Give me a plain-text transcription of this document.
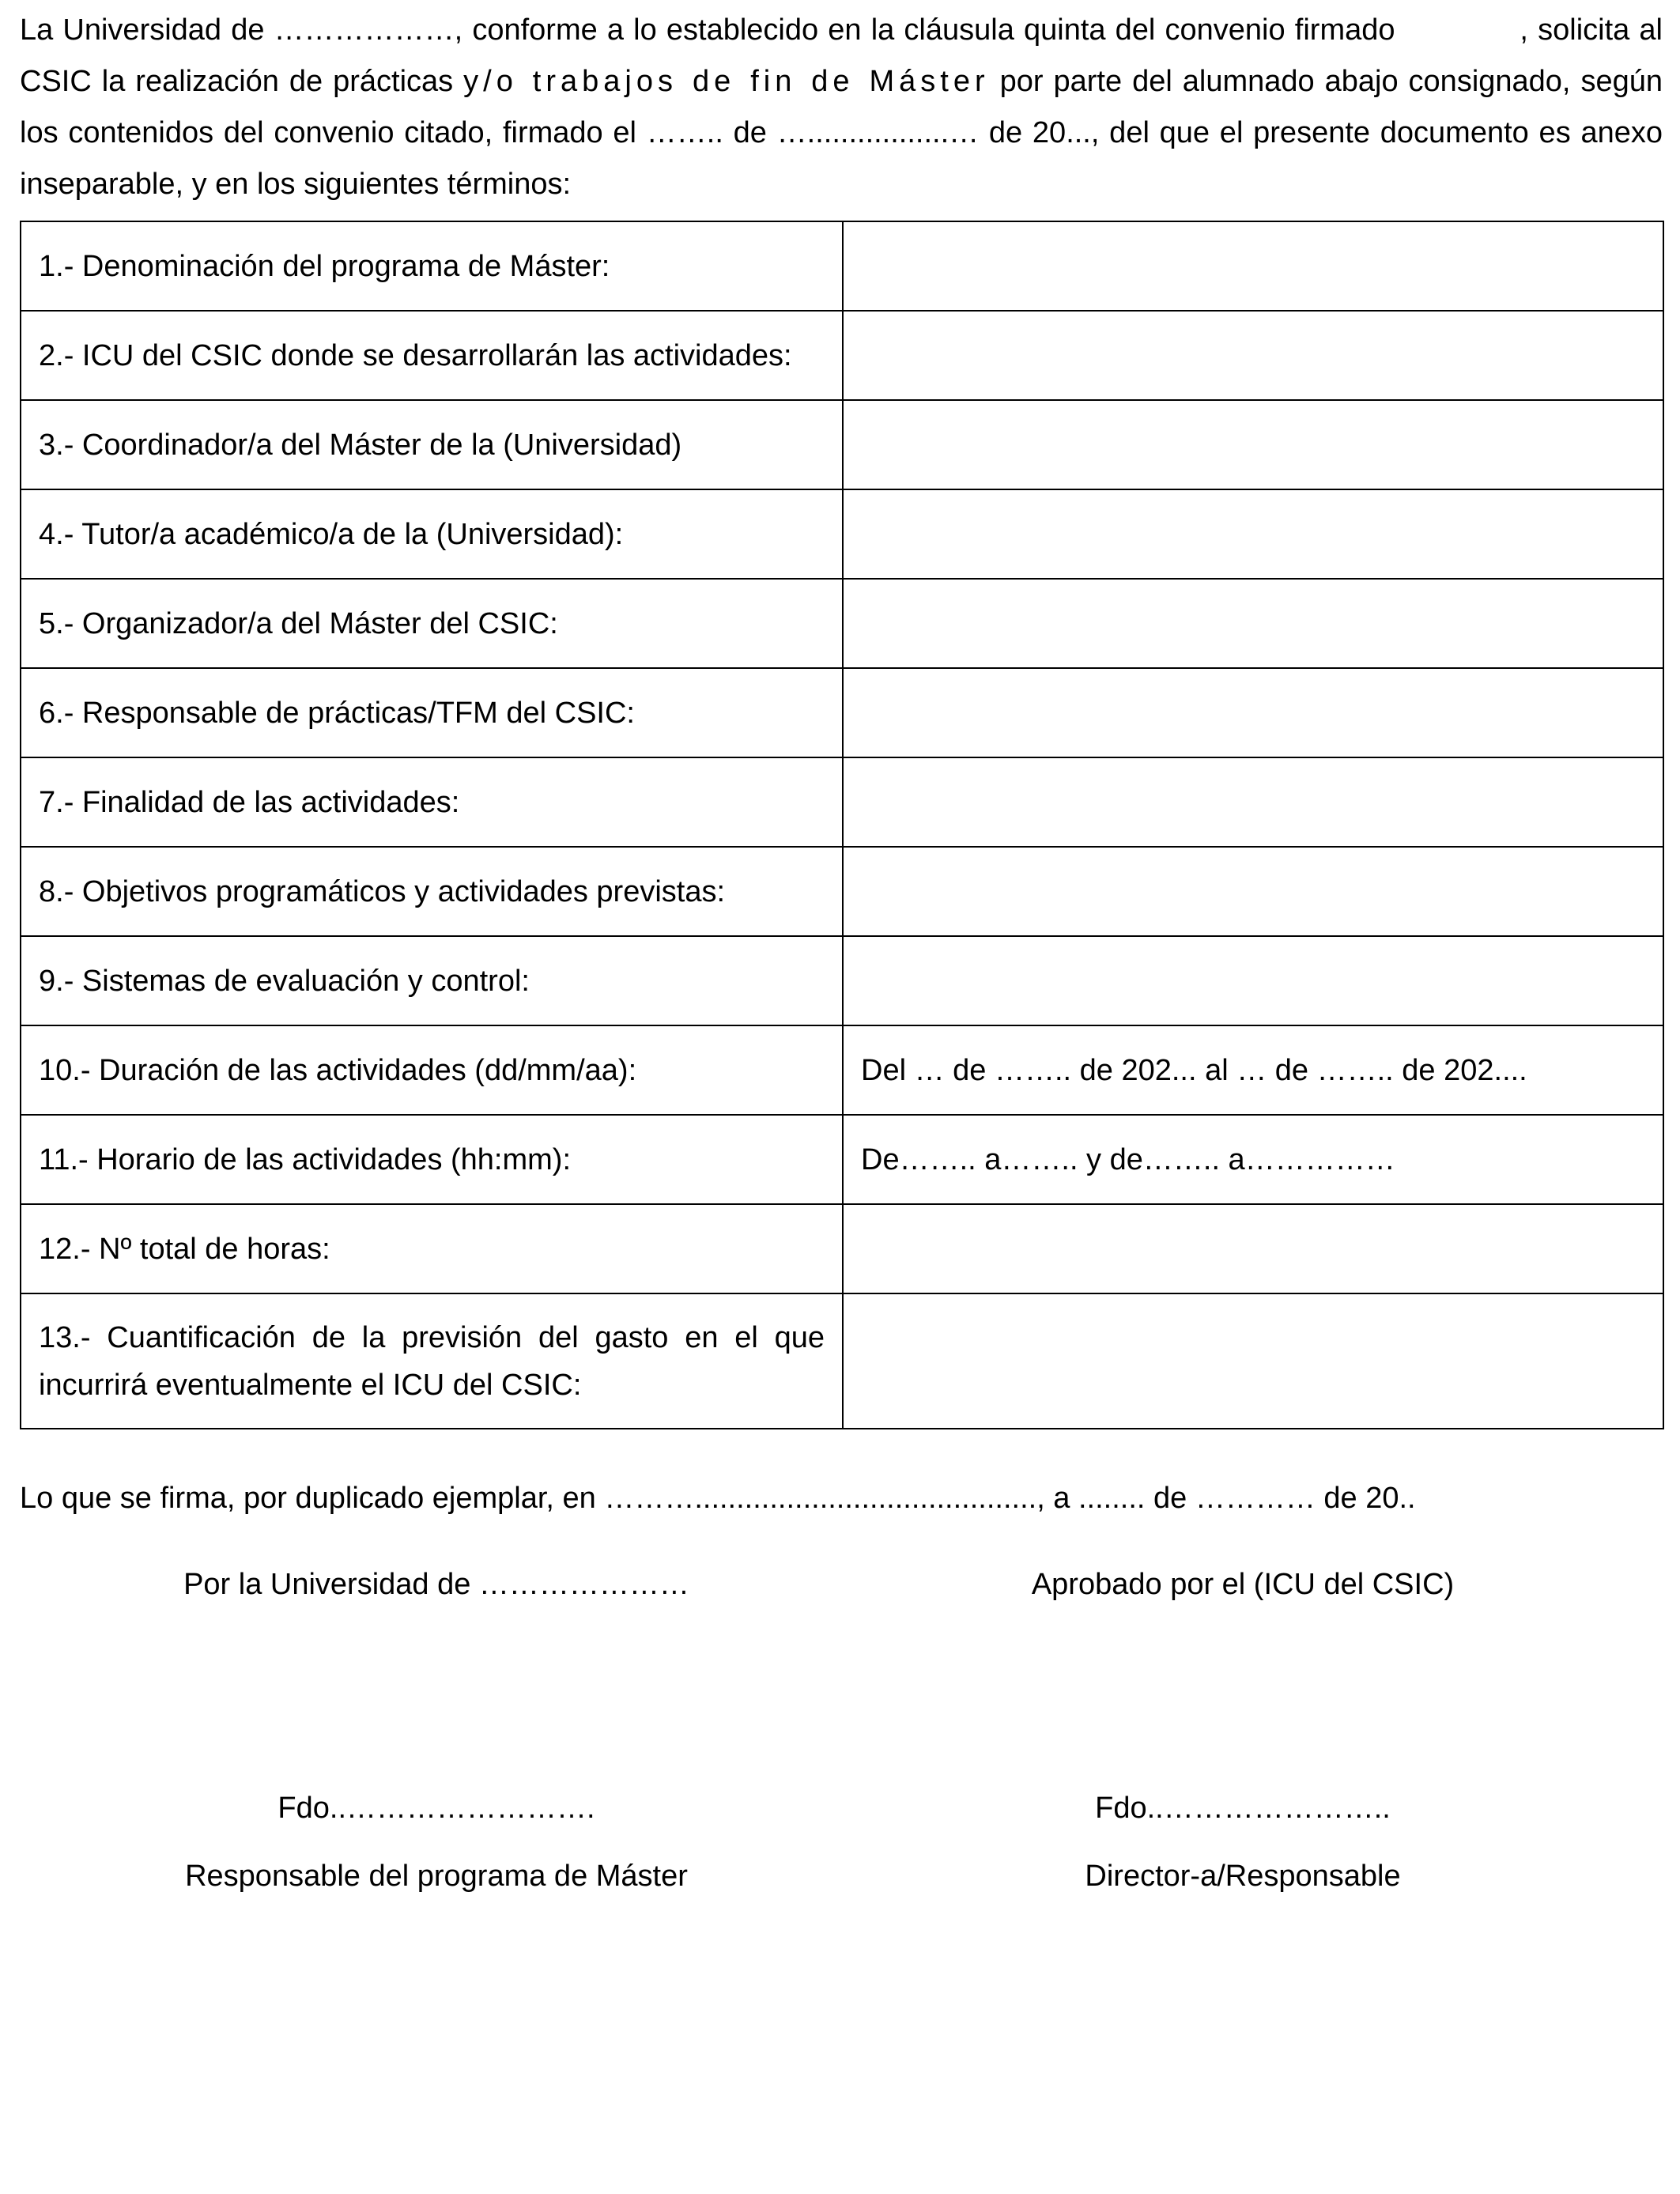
La Universidad de ………………, conforme a lo establecido en la cláusula quinta del convenio firmado             , solicita al CSIC la realización de prácticas y/o trabajos de fin de Máster por parte del alumnado abajo consignado, según los contenidos del convenio citado, firmado el …….. de ….................… de 20..., del que el presente documento es anexo inseparable, y en los siguientes términos:

1.- Denominación del programa de Máster:	
2.- ICU del CSIC donde se desarrollarán las actividades:	
3.- Coordinador/a del Máster de la (Universidad)	
4.- Tutor/a académico/a de la (Universidad):	
5.- Organizador/a del Máster del CSIC:	
6.- Responsable de prácticas/TFM del CSIC:	
7.- Finalidad de las actividades:	
8.- Objetivos programáticos y actividades previstas:	
9.- Sistemas de evaluación y control:	
10.- Duración de las actividades (dd/mm/aa):	Del … de …….. de 202... al … de …….. de 202....
11.- Horario de las actividades (hh:mm):	De…….. a…….. y de…….. a……………
12.- Nº total de horas:	
13.- Cuantificación de la previsión del gasto en el que incurrirá eventualmente el ICU del CSIC:	

Lo que se firma, por duplicado ejemplar, en ………........................................., a ........ de ………… de 20..

Por la Universidad de …………………	Aprobado por el (ICU del CSIC)

Fdo..…………………….	Fdo..…………………..

Responsable del programa de Máster	Director-a/Responsable
